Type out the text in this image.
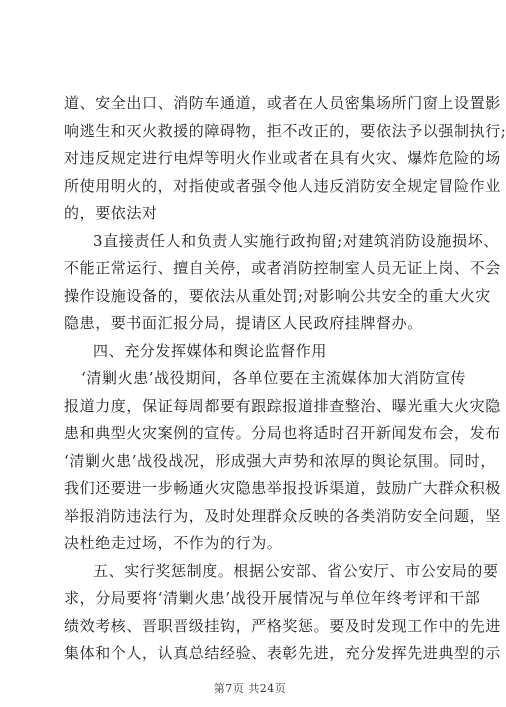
道、安全出口、消防车通道，或者在人员密集场所门窗上设置影
响逃生和灭火救援的障碍物，拒不改正的，要依法予以强制执行;
对违反规定进行电焊等明火作业或者在具有火灾、爆炸危险的场
所使用明火的，对指使或者强令他人违反消防安全规定冒险作业
的，要依法对
3直接责任人和负责人实施行政拘留;对建筑消防设施损坏、
不能正常运行、擅自关停，或者消防控制室人员无证上岗、不会
操作设施设备的，要依法从重处罚;对影响公共安全的重大火灾
隐患，要书面汇报分局，提请区人民政府挂牌督办。
四、充分发挥媒体和舆论监督作用
‘清剿火患’战役期间，各单位要在主流媒体加大消防宣传
报道力度，保证每周都要有跟踪报道排查整治、曝光重大火灾隐
患和典型火灾案例的宣传。分局也将适时召开新闻发布会，发布
‘清剿火患’战役战况，形成强大声势和浓厚的舆论氛围。同时，
我们还要进一步畅通火灾隐患举报投诉渠道，鼓励广大群众积极
举报消防违法行为，及时处理群众反映的各类消防安全问题，坚
决杜绝走过场，不作为的行为。
五、实行奖惩制度。根据公安部、省公安厅、市公安局的要
求，分局要将‘清剿火患’战役开展情况与单位年终考评和干部
绩效考核、晋职晋级挂钩，严格奖惩。要及时发现工作中的先进
集体和个人，认真总结经验、表彰先进，充分发挥先进典型的示
第7页 共24页
